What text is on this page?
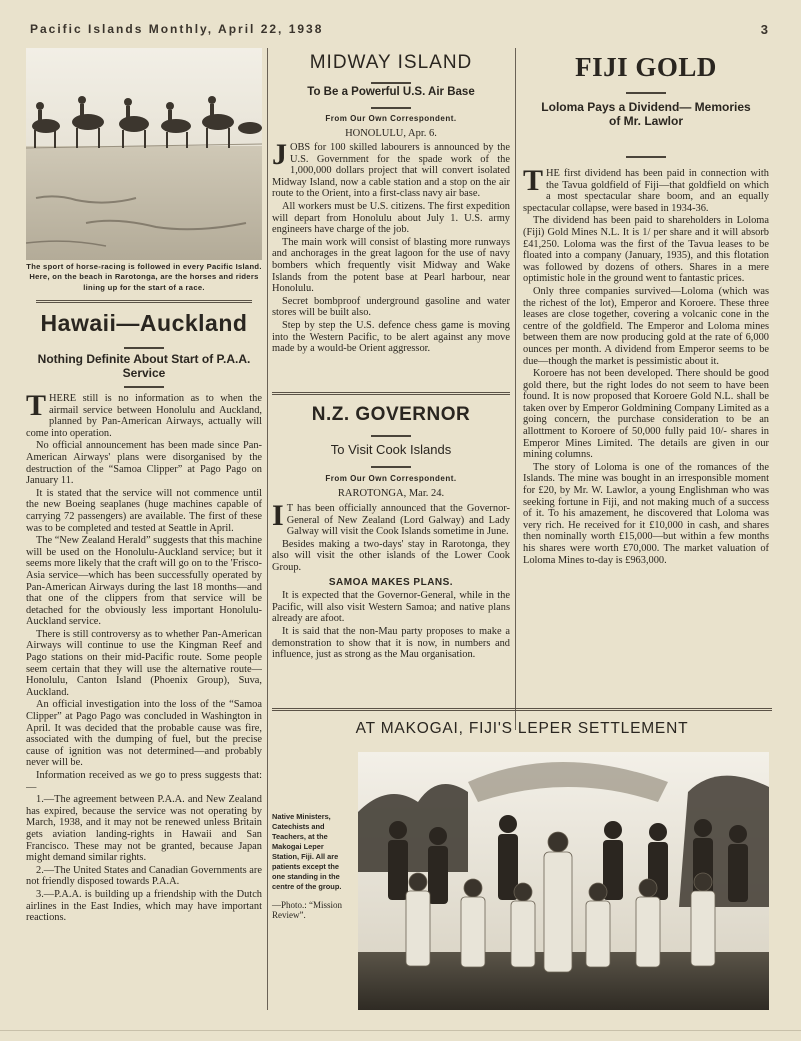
Pacific Islands Monthly, April 22, 1938	3
The sport of horse-racing is followed in every Pacific Island. Here, on the beach in Rarotonga, are the horses and riders lining up for the start of a race.
Hawaii—Auckland
Nothing Definite About Start of P.A.A. Service

THERE still is no information as to when the airmail service between Honolulu and Auckland, planned by Pan-American Airways, actually will come into operation.

No official announcement has been made since Pan-American Airways' plans were disorganised by the destruction of the “Samoa Clipper” at Pago Pago on January 11.

It is stated that the service will not commence until the new Boeing seaplanes (huge machines capable of carrying 72 passengers) are available. The first of these was to be completed and tested at Seattle in April.

The “New Zealand Herald” suggests that this machine will be used on the Honolulu-Auckland service; but it seems more likely that the craft will go on to the 'Frisco-Asia service—which has been successfully operated by Pan-American Airways during the last 18 months—and that one of the clippers from that service will be detached for the obviously less important Honolulu-Auckland service.

There is still controversy as to whether Pan-American Airways will continue to use the Kingman Reef and Pago stations on their mid-Pacific route. Some people seem certain that they will use the alternative route—Honolulu, Canton Island (Phoenix Group), Suva, Auckland.

An official investigation into the loss of the “Samoa Clipper” at Pago Pago was concluded in Washington in April. It was decided that the probable cause was fire, associated with the dumping of fuel, but the precise cause of ignition was not determined—and probably never will be.

Information received as we go to press suggests that:—

1.—The agreement between P.A.A. and New Zealand has expired, because the service was not operating by March, 1938, and it may not be renewed unless Britain gets aviation landing-rights in Hawaii and San Francisco. These may not be granted, because Japan might demand similar rights.

2.—The United States and Canadian Governments are not friendly disposed towards P.A.A.

3.—P.A.A. is building up a friendship with the Dutch airlines in the East Indies, which may have important reactions.

MIDWAY ISLAND
To Be a Powerful U.S. Air Base
From Our Own Correspondent.
HONOLULU, Apr. 6.

JOBS for 100 skilled labourers is announced by the U.S. Government for the spade work of the 1,000,000 dollars project that will convert isolated Midway Island, now a cable station and a stop on the air route to the Orient, into a first-class navy air base.

All workers must be U.S. citizens. The first expedition will depart from Honolulu about July 1. U.S. army engineers have charge of the job.

The main work will consist of blasting more runways and anchorages in the great lagoon for the use of navy bombers which frequently visit Midway and Wake Islands from the potent base at Pearl harbour, near Honolulu.

Secret bombproof underground gasoline and water stores will be built also.

Step by step the U.S. defence chess game is moving into the Western Pacific, to be alert against any move made by a would-be Orient aggressor.

N.Z. GOVERNOR
To Visit Cook Islands
From Our Own Correspondent.
RAROTONGA, Mar. 24.

I T has been officially announced that the Governor-General of New Zealand (Lord Galway) and Lady Galway will visit the Cook Islands sometime in June.

Besides making a two-days' stay in Rarotonga, they also will visit the other islands of the Lower Cook Group.

SAMOA MAKES PLANS.

It is expected that the Governor-General, while in the Pacific, will also visit Western Samoa; and native plans already are afoot.

It is said that the non-Mau party proposes to make a demonstration to show that it is now, in numbers and influence, just as strong as the Mau organisation.

FIJI GOLD
Loloma Pays a Dividend— Memories of Mr. Lawlor

THE first dividend has been paid in connection with the Tavua goldfield of Fiji—that goldfield on which a most spectacular share boom, and an equally spectacular collapse, were based in 1934-36.

The dividend has been paid to shareholders in Loloma (Fiji) Gold Mines N.L. It is 1/ per share and it will absorb £41,250. Loloma was the first of the Tavua leases to be floated into a company (January, 1935), and this flotation was followed by dozens of others. Shares in a mere optimistic hole in the ground went to fantastic prices.

Only three companies survived—Loloma (which was the richest of the lot), Emperor and Koroere. These three leases are close together, covering a volcanic cone in the centre of the goldfield. The Emperor and Loloma mines between them are now producing gold at the rate of 6,000 ounces per month. A dividend from Emperor seems to be due—though the market is pessimistic about it.

Koroere has not been developed. There should be good gold there, but the right lodes do not seem to have been found. It is now proposed that Koroere Gold N.L. shall be taken over by Emperor Goldmining Company Limited as a going concern, the purchase consideration to be an allottment to Koroere of 50,000 fully paid 10/- shares in Emperor Mines Limited. The details are given in our mining columns.

The story of Loloma is one of the romances of the Islands. The mine was bought in an irresponsible moment for £20, by Mr. W. Lawlor, a young Englishman who was seeking fortune in Fiji, and not making much of a success of it. To his amazement, he discovered that Loloma was very rich. He received for it £10,000 in cash, and shares then nominally worth £15,000—but within a few months his shares were worth £70,000. The market valuation of Loloma Mines to-day is £963,000.

AT MAKOGAI, FIJI'S LEPER SETTLEMENT
Native Ministers, Catechists and Teachers, at the Makogai Leper Station, Fiji. All are patients except the one standing in the centre of the group.
—Photo.: “Mission Review”.
